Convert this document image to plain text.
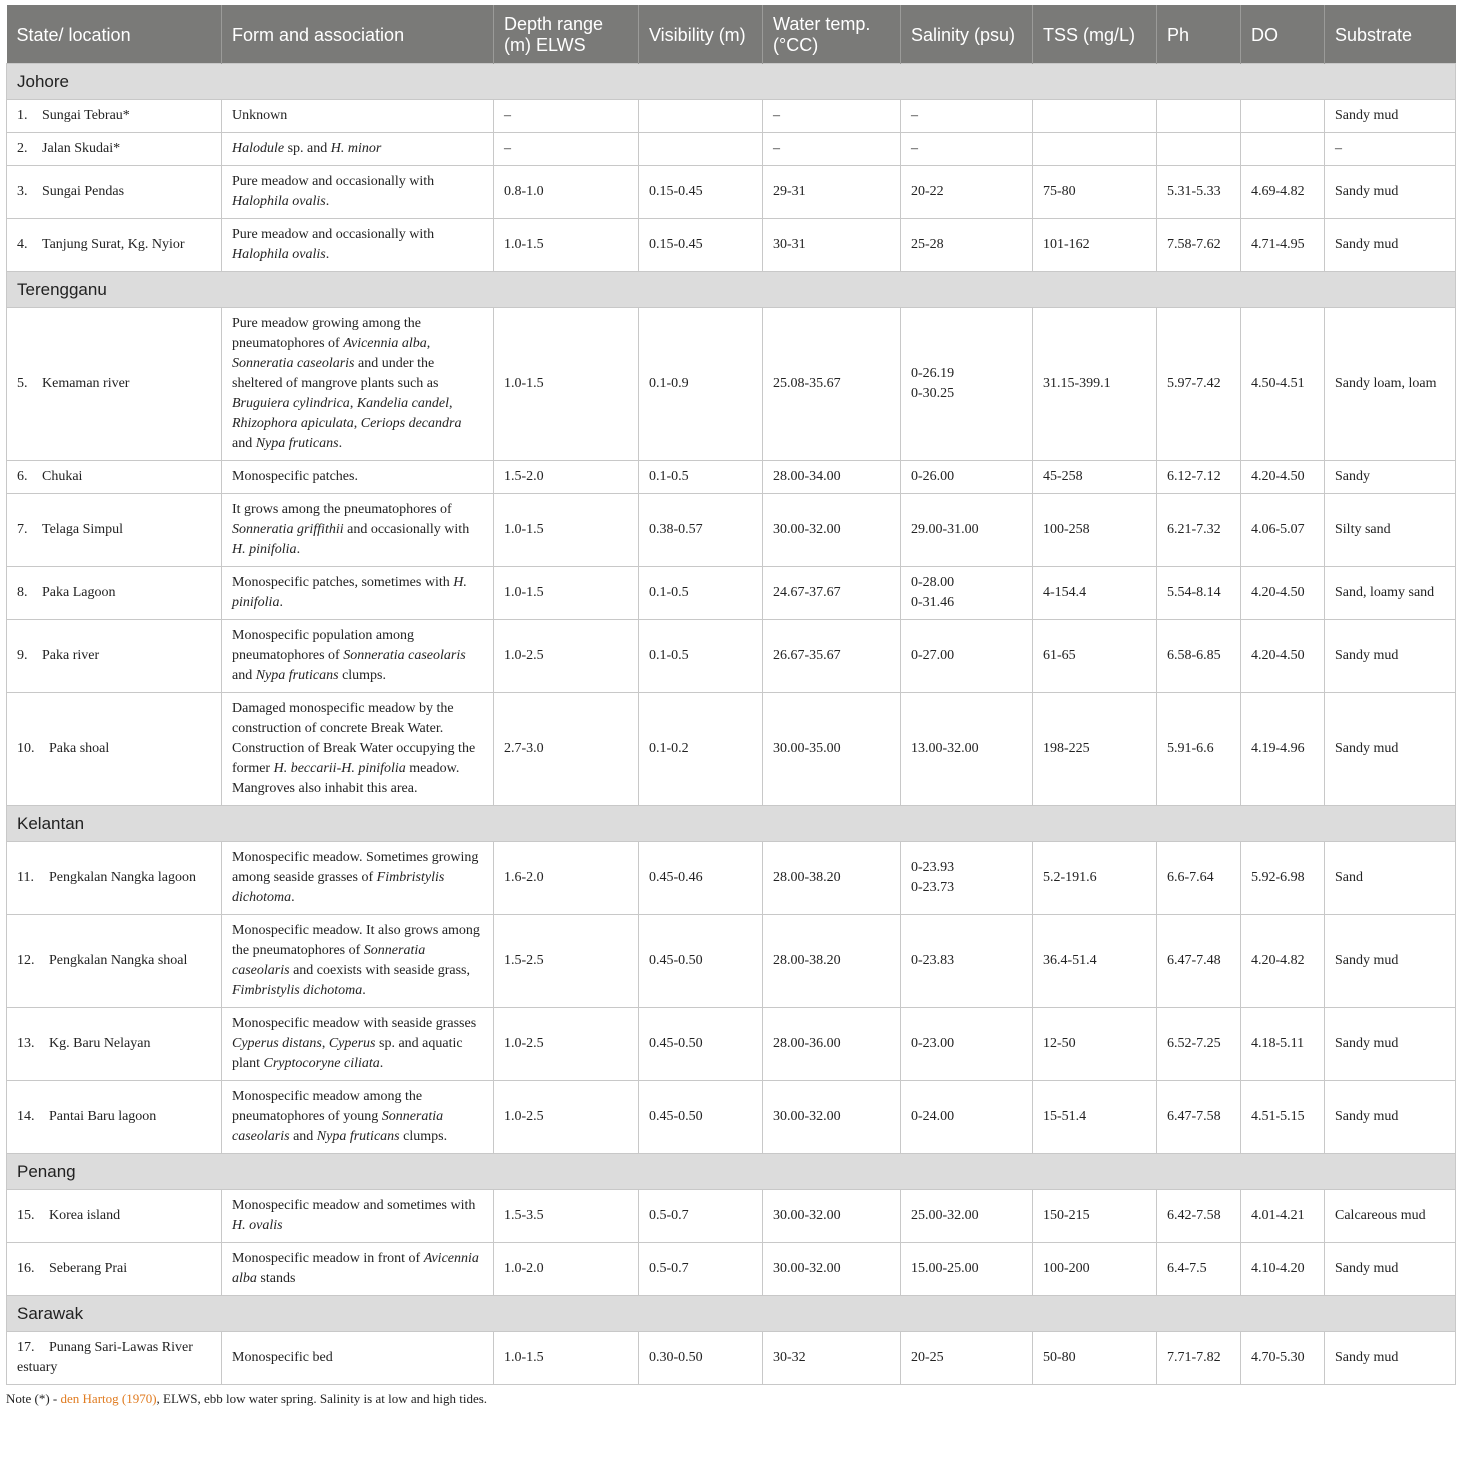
State/ location	Form and association	Depth range (m) ELWS	Visibility (m)	Water temp. (°CC)	Salinity (psu)	TSS (mg/L)	Ph	DO	Substrate
Johore									
1. Sungai Tebrau*	Unknown	–		–	–				Sandy mud
2. Jalan Skudai*	Halodule sp. and H. minor	–		–	–				–
3. Sungai Pendas	Pure meadow and occasionally with Halophila ovalis.	0.8-1.0	0.15-0.45	29-31	20-22	75-80	5.31-5.33	4.69-4.82	Sandy mud
4. Tanjung Surat, Kg. Nyior	Pure meadow and occasionally with Halophila ovalis.	1.0-1.5	0.15-0.45	30-31	25-28	101-162	7.58-7.62	4.71-4.95	Sandy mud
Terengganu									
5. Kemaman river	Pure meadow growing among the pneumatophores of Avicennia alba, Sonneratia caseolaris and under the sheltered of mangrove plants such as Bruguiera cylindrica, Kandelia candel, Rhizophora apiculata, Ceriops decandra and Nypa fruticans.	1.0-1.5	0.1-0.9	25.08-35.67	0-26.19
0-30.25	31.15-399.1	5.97-7.42	4.50-4.51	Sandy loam, loam
6. Chukai	Monospecific patches.	1.5-2.0	0.1-0.5	28.00-34.00	0-26.00	45-258	6.12-7.12	4.20-4.50	Sandy
7. Telaga Simpul	It grows among the pneumatophores of Sonneratia griffithii and occasionally with H. pinifolia.	1.0-1.5	0.38-0.57	30.00-32.00	29.00-31.00	100-258	6.21-7.32	4.06-5.07	Silty sand
8. Paka Lagoon	Monospecific patches, sometimes with H. pinifolia.	1.0-1.5	0.1-0.5	24.67-37.67	0-28.00
0-31.46	4-154.4	5.54-8.14	4.20-4.50	Sand, loamy sand
9. Paka river	Monospecific population among pneumatophores of Sonneratia caseolaris and Nypa fruticans clumps.	1.0-2.5	0.1-0.5	26.67-35.67	0-27.00	61-65	6.58-6.85	4.20-4.50	Sandy mud
10. Paka shoal	Damaged monospecific meadow by the construction of concrete Break Water. Construction of Break Water occupying the former H. beccarii-H. pinifolia meadow. Mangroves also inhabit this area.	2.7-3.0	0.1-0.2	30.00-35.00	13.00-32.00	198-225	5.91-6.6	4.19-4.96	Sandy mud
Kelantan									
11. Pengkalan Nangka lagoon	Monospecific meadow. Sometimes growing among seaside grasses of Fimbristylis dichotoma.	1.6-2.0	0.45-0.46	28.00-38.20	0-23.93
0-23.73	5.2-191.6	6.6-7.64	5.92-6.98	Sand
12. Pengkalan Nangka shoal	Monospecific meadow. It also grows among the pneumatophores of Sonneratia caseolaris and coexists with seaside grass, Fimbristylis dichotoma.	1.5-2.5	0.45-0.50	28.00-38.20	0-23.83	36.4-51.4	6.47-7.48	4.20-4.82	Sandy mud
13. Kg. Baru Nelayan	Monospecific meadow with seaside grasses Cyperus distans, Cyperus sp. and aquatic plant Cryptocoryne ciliata.	1.0-2.5	0.45-0.50	28.00-36.00	0-23.00	12-50	6.52-7.25	4.18-5.11	Sandy mud
14. Pantai Baru lagoon	Monospecific meadow among the pneumatophores of young Sonneratia caseolaris and Nypa fruticans clumps.	1.0-2.5	0.45-0.50	30.00-32.00	0-24.00	15-51.4	6.47-7.58	4.51-5.15	Sandy mud
Penang									
15. Korea island	Monospecific meadow and sometimes with H. ovalis	1.5-3.5	0.5-0.7	30.00-32.00	25.00-32.00	150-215	6.42-7.58	4.01-4.21	Calcareous mud
16. Seberang Prai	Monospecific meadow in front of Avicennia alba stands	1.0-2.0	0.5-0.7	30.00-32.00	15.00-25.00	100-200	6.4-7.5	4.10-4.20	Sandy mud
Sarawak									
17. Punang Sari-Lawas River estuary	Monospecific bed	1.0-1.5	0.30-0.50	30-32	20-25	50-80	7.71-7.82	4.70-5.30	Sandy mud
Note (*) - den Hartog (1970), ELWS, ebb low water spring. Salinity is at low and high tides.
